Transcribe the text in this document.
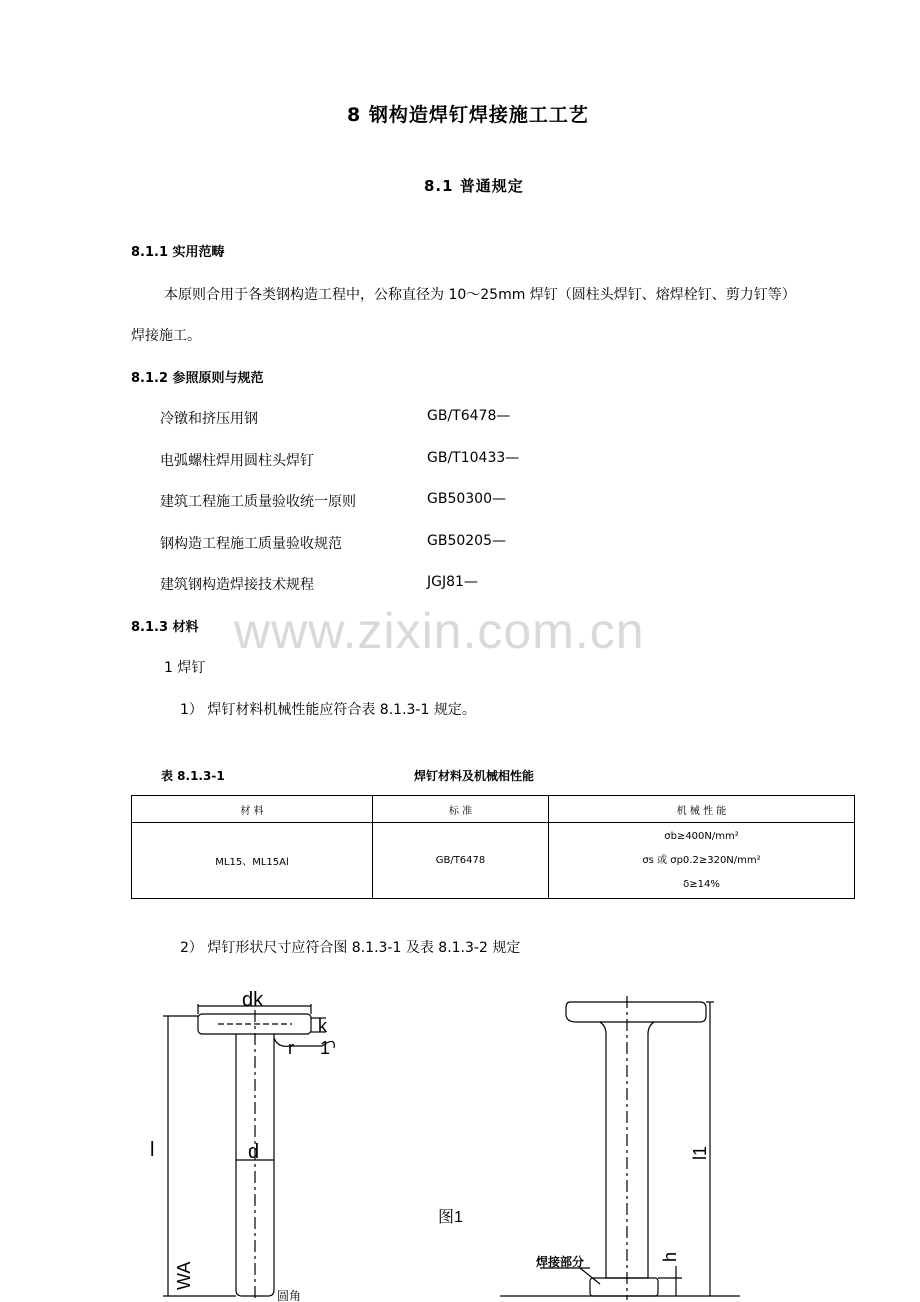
8 钢构造焊钉焊接施工工艺
8.1 普通规定
8.1.1 实用范畴
本原则合用于各类钢构造工程中，公称直径为 10～25mm 焊钉（圆柱头焊钉、熔焊栓钉、剪力钉等）
焊接施工。
8.1.2 参照原则与规范
冷镦和挤压用钢	GB/T6478—
电弧螺柱焊用圆柱头焊钉	GB/T10433—
建筑工程施工质量验收统一原则	GB50300—
钢构造工程施工质量验收规范	GB50205—
建筑钢构造焊接技术规程	JGJ81—
8.1.3 材料 www.zixin.com.cn
1 焊钉
1） 焊钉材料机械性能应符合表 8.1.3-1 规定。
表 8.1.3-1	焊钉材料及机械相性能
材 料	标 准	机 械 性 能
ML15、ML15Al	GB/T6478	σb≥400N/mm²
σs 或 σp0.2≥320N/mm²
δ≥14%
2） 焊钉形状尺寸应符合图 8.1.3-1 及表 8.1.3-2 规定
dk
k
r 1
d
l
WA
圆角
图1
l1
焊接部分	h
